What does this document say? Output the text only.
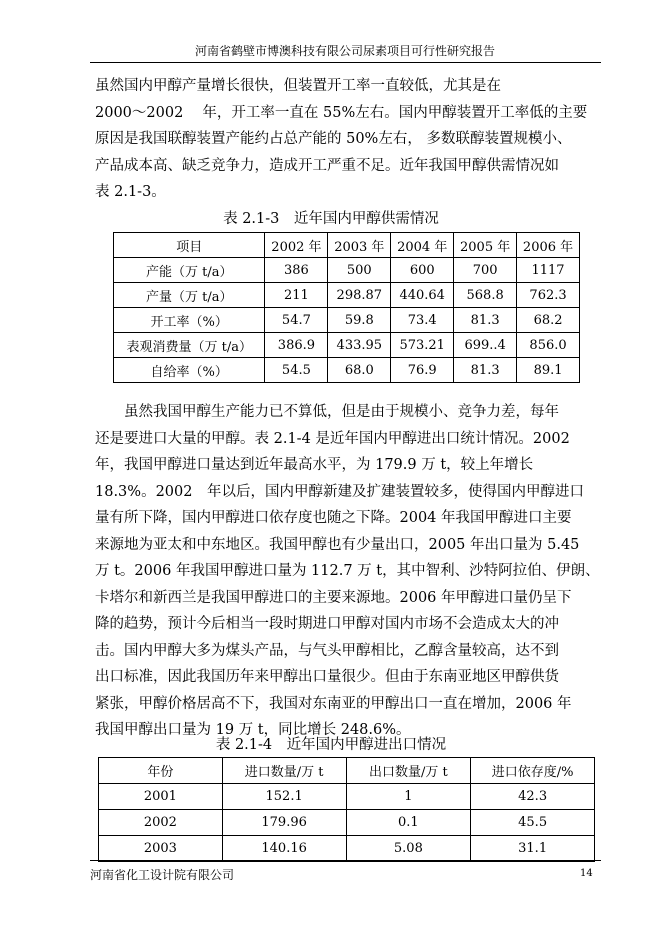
河南省鹤壁市博澳科技有限公司尿素项目可行性研究报告

虽然国内甲醇产量增长很快，但装置开工率一直较低，尤其是在
2000～2002　 年，开工率一直在 55%左右。国内甲醇装置开工率低的主要
原因是我国联醇装置产能约占总产能的 50%左右， 多数联醇装置规模小、
产品成本高、缺乏竞争力，造成开工严重不足。近年我国甲醇供需情况如
表 2.1-3。

表 2.1-3　近年国内甲醇供需情况
项目	2002 年	2003 年	2004 年	2005 年	2006 年
产能（万 t/a）	386	500	600	700	1117
产量（万 t/a）	211	298.87	440.64	568.8	762.3
开工率（%）	54.7	59.8	73.4	81.3	68.2
表观消费量（万 t/a）	386.9	433.95	573.21	699..4	856.0
自给率（%）	54.5	68.0	76.9	81.3	89.1

　　虽然我国甲醇生产能力已不算低，但是由于规模小、竞争力差，每年
还是要进口大量的甲醇。表 2.1-4 是近年国内甲醇进出口统计情况。2002
年，我国甲醇进口量达到近年最高水平，为 179.9 万 t，较上年增长
18.3%。2002　年以后，国内甲醇新建及扩建装置较多，使得国内甲醇进口
量有所下降，国内甲醇进口依存度也随之下降。2004 年我国甲醇进口主要
来源地为亚太和中东地区。我国甲醇也有少量出口，2005 年出口量为 5.45
万 t。2006 年我国甲醇进口量为 112.7 万 t，其中智利、沙特阿拉伯、伊朗、
卡塔尔和新西兰是我国甲醇进口的主要来源地。2006 年甲醇进口量仍呈下
降的趋势，预计今后相当一段时期进口甲醇对国内市场不会造成太大的冲
击。国内甲醇大多为煤头产品，与气头甲醇相比，乙醇含量较高，达不到
出口标准，因此我国历年来甲醇出口量很少。但由于东南亚地区甲醇供货
紧张，甲醇价格居高不下，我国对东南亚的甲醇出口一直在增加，2006 年
我国甲醇出口量为 19 万 t，同比增长 248.6%。

表 2.1-4　近年国内甲醇进出口情况
年份	进口数量/万 t	出口数量/万 t	进口依存度/%
2001	152.1	1	42.3
2002	179.96	0.1	45.5
2003	140.16	5.08	31.1
河南省化工设计院有限公司	14
